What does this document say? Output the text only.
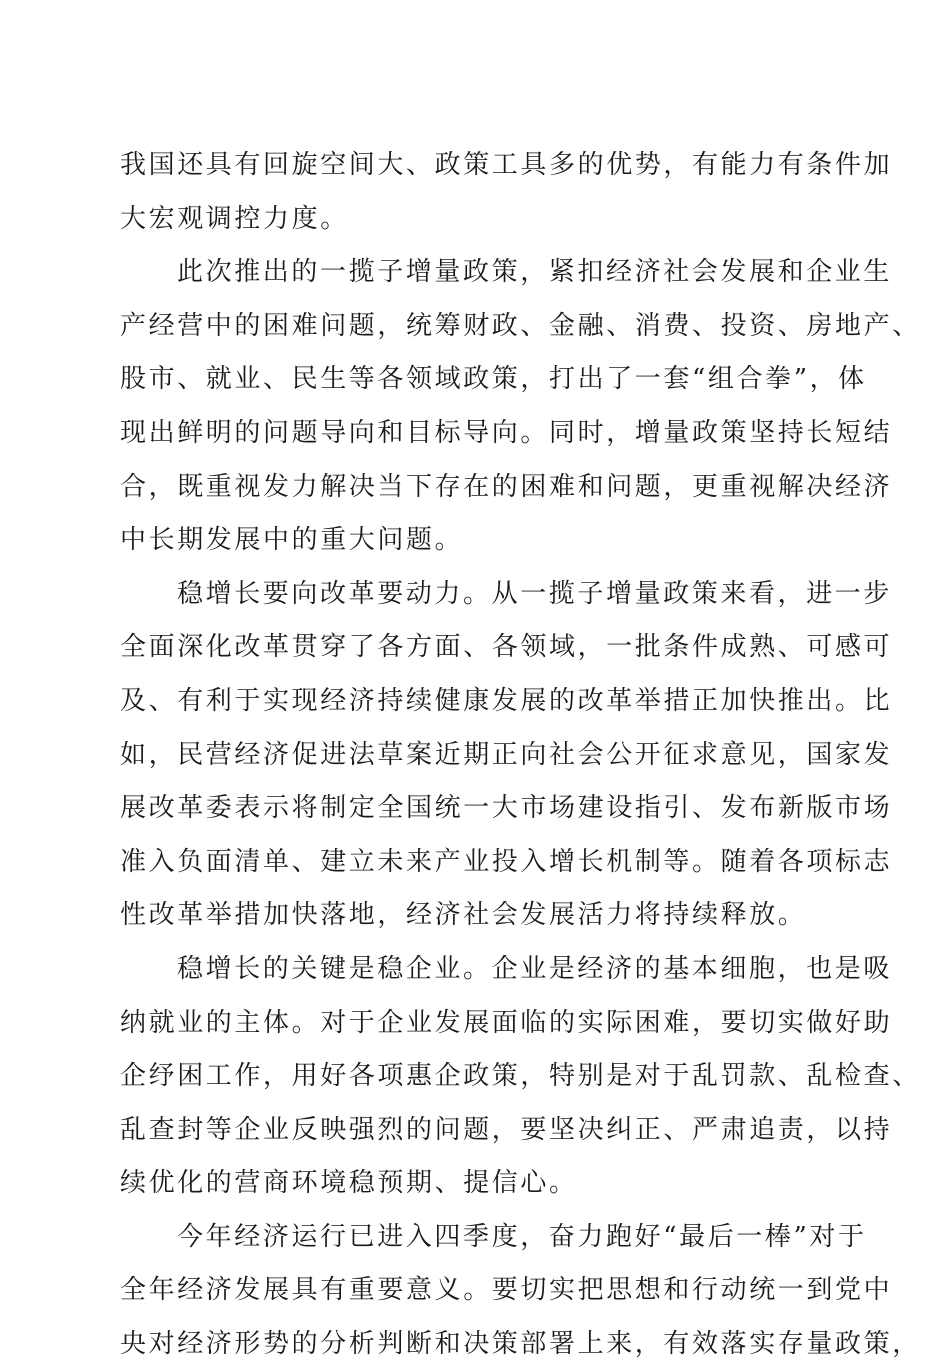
我国还具有回旋空间大、政策工具多的优势，有能力有条件加
大宏观调控力度。
此次推出的一揽子增量政策，紧扣经济社会发展和企业生
产经营中的困难问题，统筹财政、金融、消费、投资、房地产、
股市、就业、民生等各领域政策，打出了一套“组合拳”，体
现出鲜明的问题导向和目标导向。同时，增量政策坚持长短结
合，既重视发力解决当下存在的困难和问题，更重视解决经济
中长期发展中的重大问题。
稳增长要向改革要动力。从一揽子增量政策来看，进一步
全面深化改革贯穿了各方面、各领域，一批条件成熟、可感可
及、有利于实现经济持续健康发展的改革举措正加快推出。比
如，民营经济促进法草案近期正向社会公开征求意见，国家发
展改革委表示将制定全国统一大市场建设指引、发布新版市场
准入负面清单、建立未来产业投入增长机制等。随着各项标志
性改革举措加快落地，经济社会发展活力将持续释放。
稳增长的关键是稳企业。企业是经济的基本细胞，也是吸
纳就业的主体。对于企业发展面临的实际困难，要切实做好助
企纾困工作，用好各项惠企政策，特别是对于乱罚款、乱检查、
乱查封等企业反映强烈的问题，要坚决纠正、严肃追责，以持
续优化的营商环境稳预期、提信心。
今年经济运行已进入四季度，奋力跑好“最后一棒”对于
全年经济发展具有重要意义。要切实把思想和行动统一到党中
央对经济形势的分析判断和决策部署上来，有效落实存量政策，
